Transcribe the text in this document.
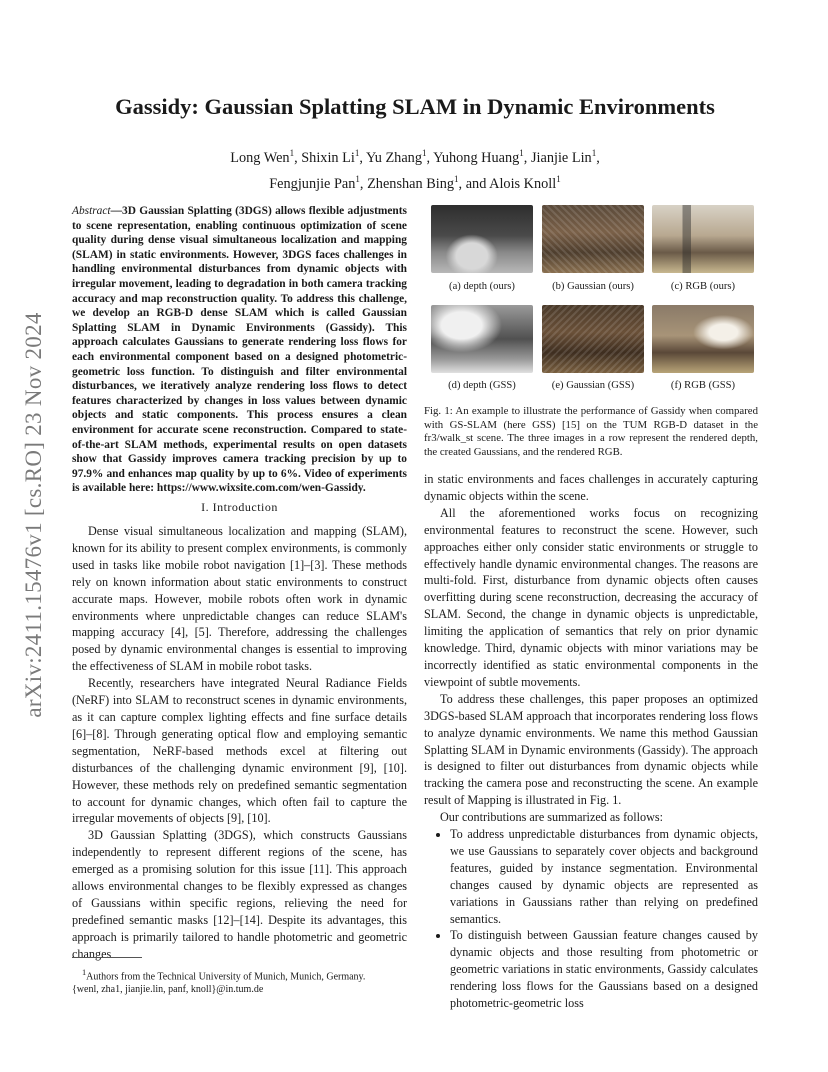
arXiv:2411.15476v1 [cs.RO] 23 Nov 2024
Gassidy: Gaussian Splatting SLAM in Dynamic Environments
Long Wen$^1$, Shixin Li$^1$, Yu Zhang$^1$, Yuhong Huang$^1$, Jianjie Lin$^1$,
Fengjunjie Pan$^1$, Zhenshan Bing$^1$, and Alois Knoll$^1$
Abstract—3D Gaussian Splatting (3DGS) allows flexible adjustments to scene representation, enabling continuous optimization of scene quality during dense visual simultaneous localization and mapping (SLAM) in static environments. However, 3DGS faces challenges in handling environmental disturbances from dynamic objects with irregular movement, leading to degradation in both camera tracking accuracy and map reconstruction quality. To address this challenge, we develop an RGB-D dense SLAM which is called Gaussian Splatting SLAM in Dynamic Environments (Gassidy). This approach calculates Gaussians to generate rendering loss flows for each environmental component based on a designed photometric-geometric loss function. To distinguish and filter environmental disturbances, we iteratively analyze rendering loss flows to detect features characterized by changes in loss values between dynamic objects and static components. This process ensures a clean environment for accurate scene reconstruction. Compared to state-of-the-art SLAM methods, experimental results on open datasets show that Gassidy improves camera tracking precision by up to 97.9% and enhances map quality by up to 6%. Video of experiments is available here: https://www.wixsite.com.com/wen-Gassidy.
I. Introduction

Dense visual simultaneous localization and mapping (SLAM), known for its ability to present complex environments, is commonly used in tasks like mobile robot navigation [1]–[3]. These methods rely on known information about static environments to construct accurate maps. However, mobile robots often work in dynamic environments where unpredictable changes can reduce SLAM's mapping accuracy [4], [5]. Therefore, addressing the challenges posed by dynamic environmental changes is essential to improving the effectiveness of SLAM in mobile robot tasks.

Recently, researchers have integrated Neural Radiance Fields (NeRF) into SLAM to reconstruct scenes in dynamic environments, as it can capture complex lighting effects and fine surface details [6]–[8]. Through generating optical flow and employing semantic segmentation, NeRF-based methods excel at filtering out disturbances of the challenging dynamic environment [9], [10]. However, these methods rely on predefined semantic segmentation to account for dynamic changes, which often fail to capture the irregular movements of objects [9], [10].

3D Gaussian Splatting (3DGS), which constructs Gaussians independently to represent different regions of the scene, has emerged as a promising solution for this issue [11]. This approach allows environmental changes to be flexibly expressed as changes of Gaussians within specific regions, relieving the need for predefined semantic masks [12]–[14]. Despite its advantages, this approach is primarily tailored to handle photometric and geometric changes

$^1$Authors from the Technical University of Munich, Munich, Germany.
{wenl, zha1, jianjie.lin, panf, knoll}@in.tum.de
(a) depth (ours)	(b) Gaussian (ours)	(c) RGB (ours)
(d) depth (GSS)	(e) Gaussian (GSS)	(f) RGB (GSS)
Fig. 1: An example to illustrate the performance of Gassidy when compared with GS-SLAM (here GSS) [15] on the TUM RGB-D dataset in the fr3/walk_st scene. The three images in a row represent the rendered depth, the created Gaussians, and the rendered RGB.

in static environments and faces challenges in accurately capturing dynamic objects within the scene.

All the aforementioned works focus on recognizing environmental features to reconstruct the scene. However, such approaches either only consider static environments or struggle to effectively handle dynamic environmental changes. The reasons are multi-fold. First, disturbance from dynamic objects often causes overfitting during scene reconstruction, decreasing the accuracy of SLAM. Second, the change in dynamic objects is unpredictable, limiting the application of semantics that rely on prior dynamic knowledge. Third, dynamic objects with minor variations may be incorrectly identified as static environmental components in the viewpoint of subtle movements.

To address these challenges, this paper proposes an optimized 3DGS-based SLAM approach that incorporates rendering loss flows to analyze dynamic environments. We name this method Gaussian Splatting SLAM in Dynamic environments (Gassidy). The approach is designed to filter out disturbances from dynamic objects while tracking the camera pose and reconstructing the scene. An example result of Mapping is illustrated in Fig. 1.

Our contributions are summarized as follows:

• To address unpredictable disturbances from dynamic objects, we use Gaussians to separately cover objects and background features, guided by instance segmentation. Environmental changes caused by dynamic objects are represented as variations in Gaussians rather than relying on predefined semantics.
• To distinguish between Gaussian feature changes caused by dynamic objects and those resulting from photometric or geometric variations in static environments, Gassidy calculates rendering loss flows for the Gaussians based on a designed photometric-geometric loss
